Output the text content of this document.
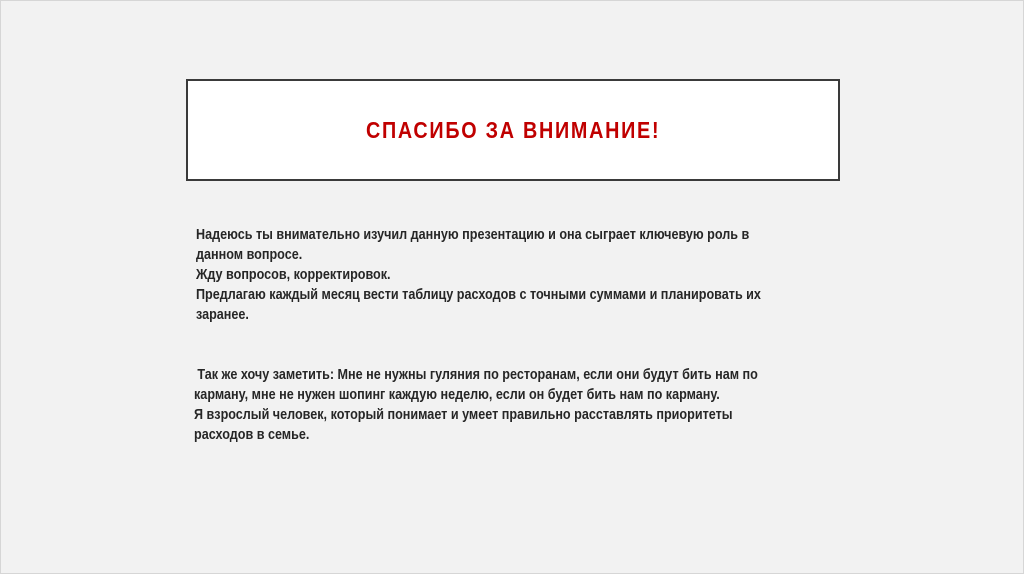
СПАСИБО ЗА ВНИМАНИЕ!
Надеюсь ты внимательно изучил данную презентацию и она сыграет ключевую роль в
данном вопросе.
Жду вопросов, корректировок.
Предлагаю каждый месяц вести таблицу расходов с точными суммами и планировать их
заранее.
Так же хочу заметить: Мне не нужны гуляния по ресторанам, если они будут бить нам по
карману, мне не нужен шопинг каждую неделю, если он будет бить нам по карману.
Я взрослый человек, который понимает и умеет правильно расставлять приоритеты
расходов в семье.
